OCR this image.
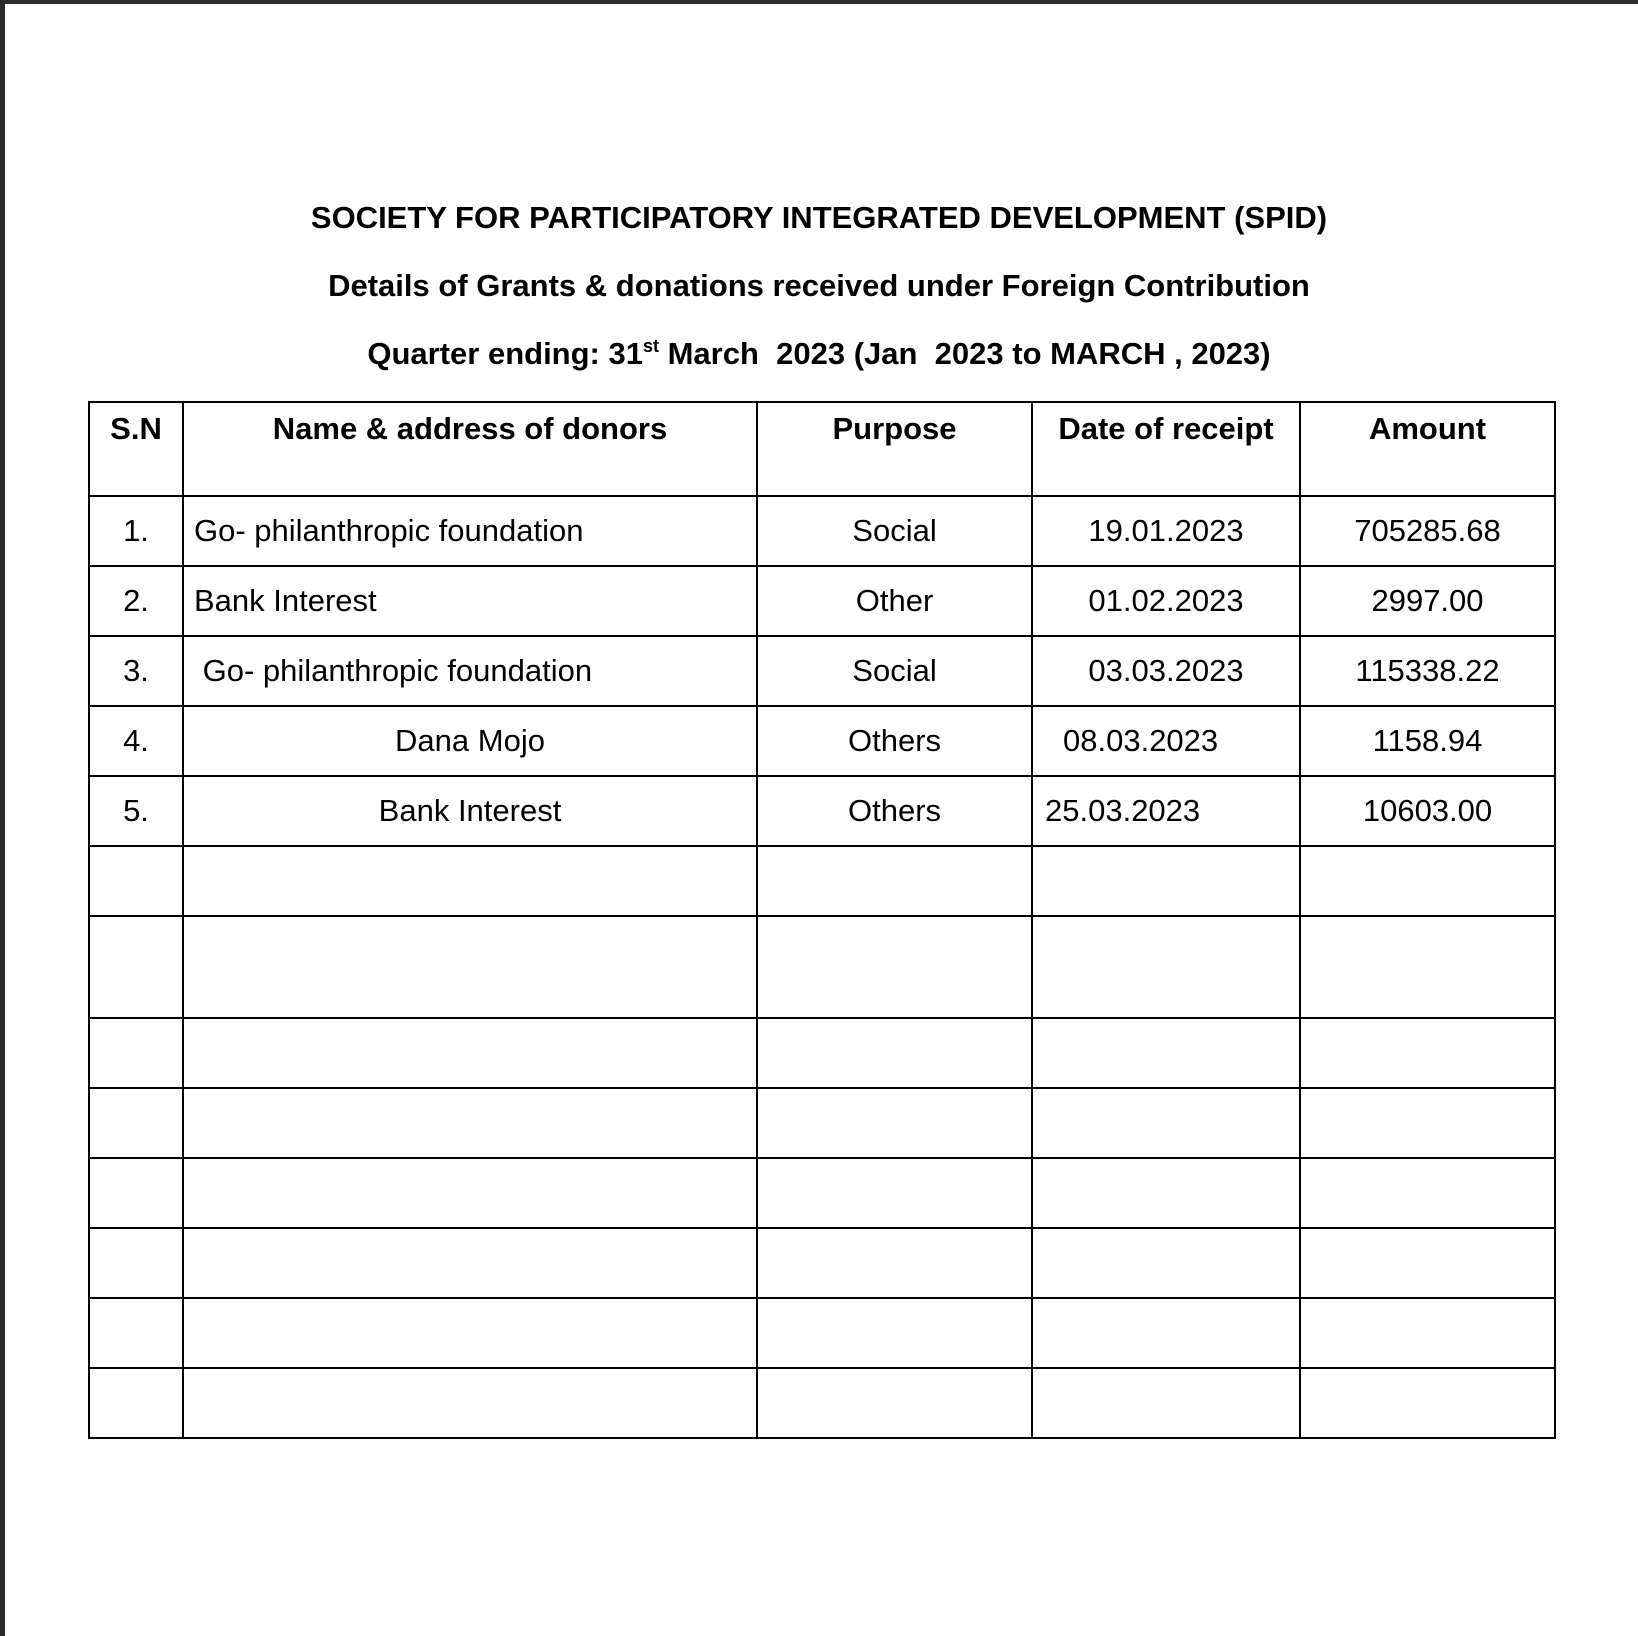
SOCIETY FOR PARTICIPATORY INTEGRATED DEVELOPMENT (SPID)
Details of Grants & donations received under Foreign Contribution
Quarter ending: 31st March  2023 (Jan  2023 to MARCH , 2023)
S.N	Name & address of donors	Purpose	Date of receipt	Amount
1.	Go- philanthropic foundation	Social	19.01.2023	705285.68
2.	Bank Interest	Other	01.02.2023	2997.00
3.	Go- philanthropic foundation	Social	03.03.2023	115338.22
4.	Dana Mojo	Others	08.03.2023	1158.94
5.	Bank Interest	Others	25.03.2023	10603.00
